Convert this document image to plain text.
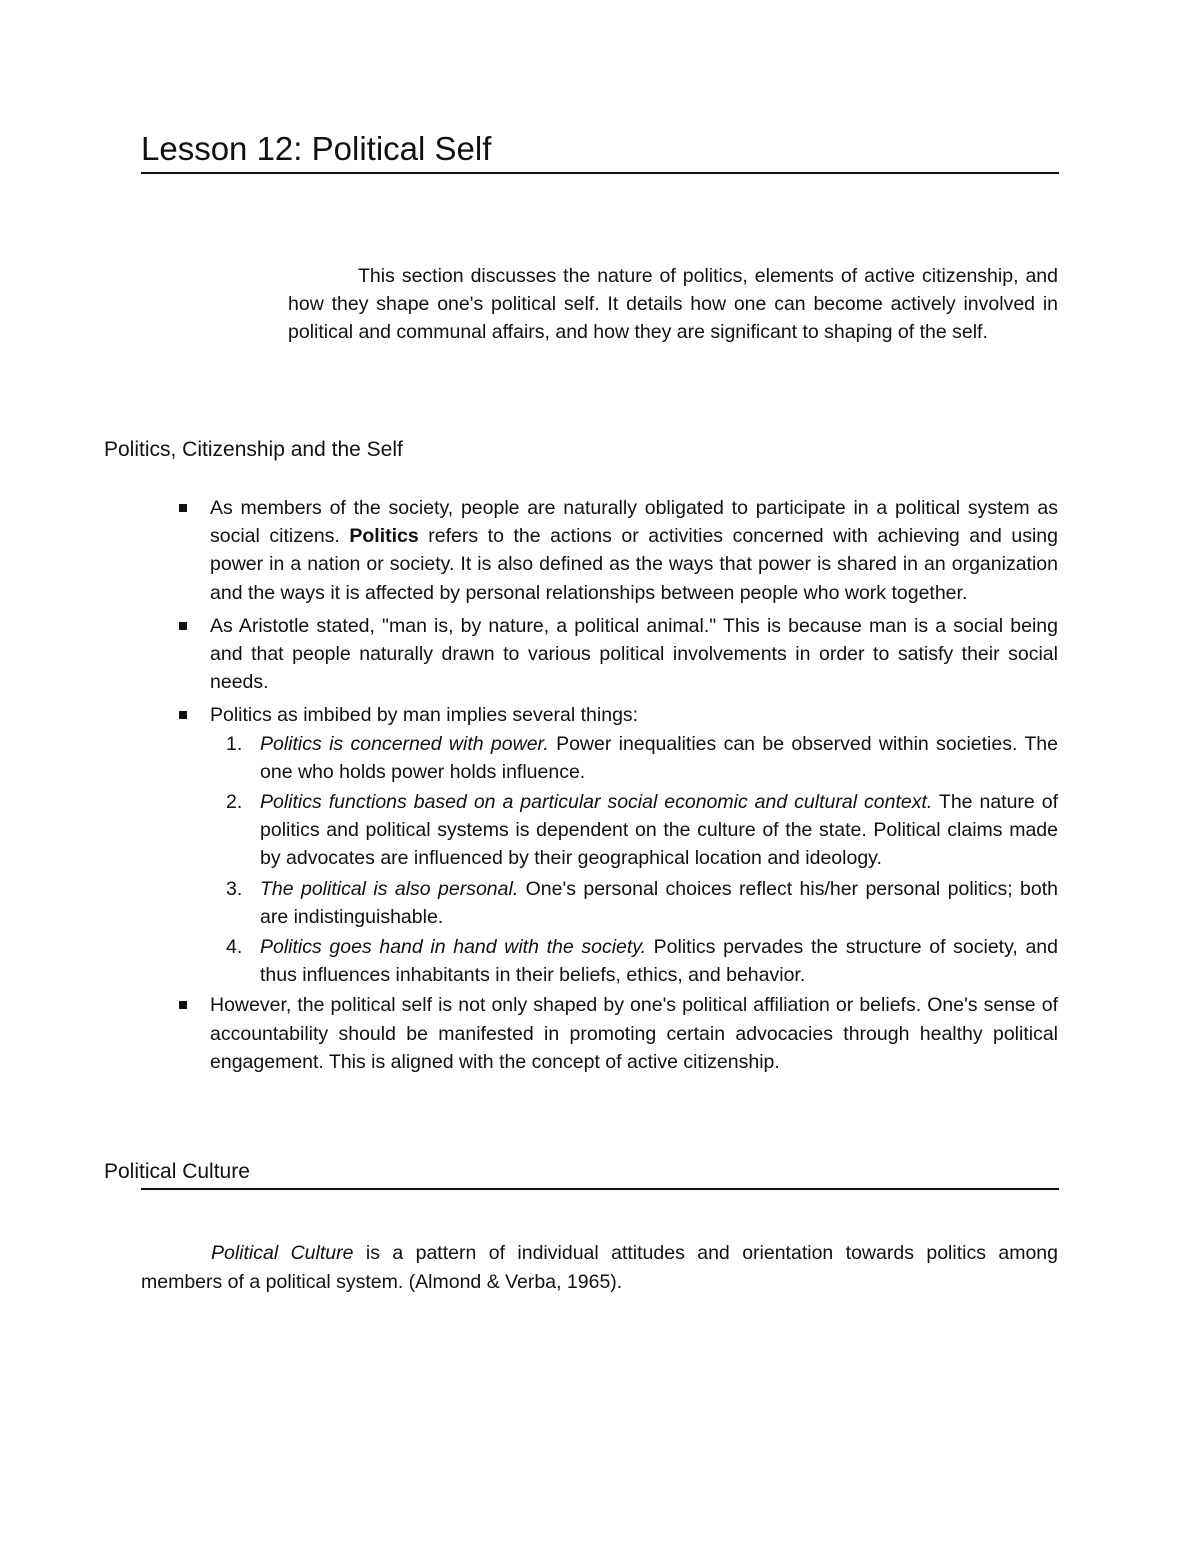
Lesson 12: Political Self

This section discusses the nature of politics, elements of active citizenship, and how they shape one's political self. It details how one can become actively involved in political and communal affairs, and how they are significant to shaping of the self.

Politics, Citizenship and the Self
As members of the society, people are naturally obligated to participate in a political system as social citizens. Politics refers to the actions or activities concerned with achieving and using power in a nation or society. It is also defined as the ways that power is shared in an organization and the ways it is affected by personal relationships between people who work together.
As Aristotle stated, "man is, by nature, a political animal." This is because man is a social being and that people naturally drawn to various political involvements in order to satisfy their social needs.
Politics as imbibed by man implies several things:
1. Politics is concerned with power. Power inequalities can be observed within societies. The one who holds power holds influence.
2. Politics functions based on a particular social economic and cultural context. The nature of politics and political systems is dependent on the culture of the state. Political claims made by advocates are influenced by their geographical location and ideology.
3. The political is also personal. One's personal choices reflect his/her personal politics; both are indistinguishable.
4. Politics goes hand in hand with the society. Politics pervades the structure of society, and thus influences inhabitants in their beliefs, ethics, and behavior.
However, the political self is not only shaped by one's political affiliation or beliefs. One's sense of accountability should be manifested in promoting certain advocacies through healthy political engagement. This is aligned with the concept of active citizenship.
Political Culture

Political Culture is a pattern of individual attitudes and orientation towards politics among members of a political system. (Almond & Verba, 1965).
